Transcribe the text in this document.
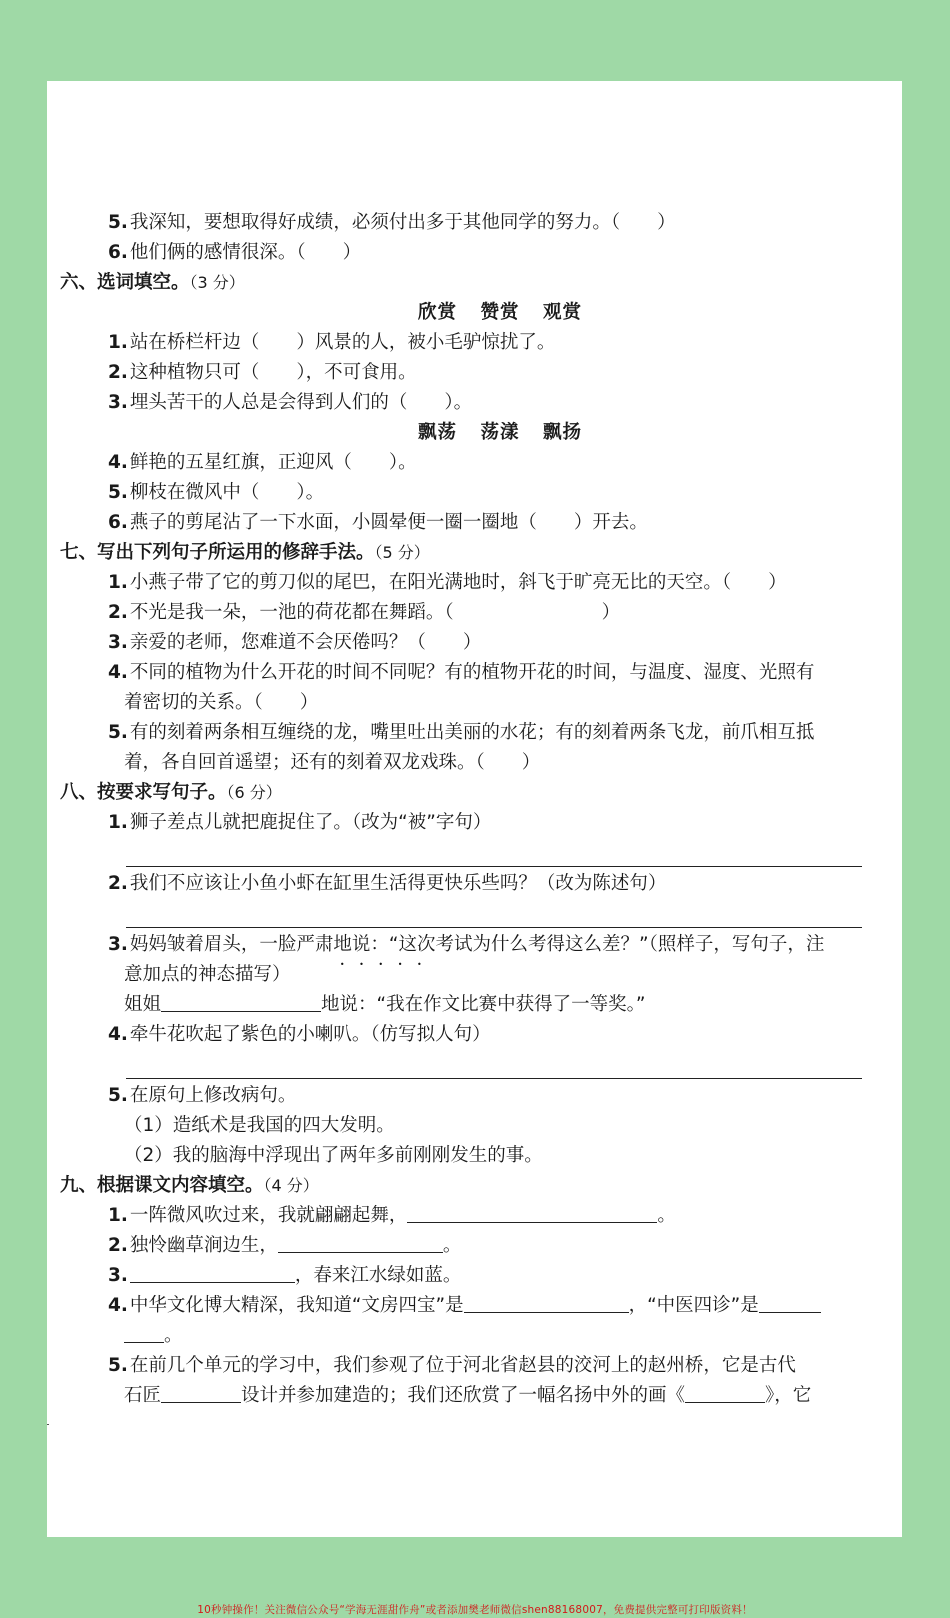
5. 我深知，要想取得好成绩，必须付出多于其他同学的努力。（　　）
6. 他们俩的感情很深。（　　）
六、选词填空。（3 分）
欣赏 赞赏 观赏
1. 站在桥栏杆边（　　）风景的人，被小毛驴惊扰了。
2. 这种植物只可（　　），不可食用。
3. 埋头苦干的人总是会得到人们的（　　）。
飘荡 荡漾 飘扬
4. 鲜艳的五星红旗，正迎风（　　）。
5. 柳枝在微风中（　　）。
6. 燕子的剪尾沾了一下水面，小圆晕便一圈一圈地（　　）开去。
七、写出下列句子所运用的修辞手法。（5 分）
1. 小燕子带了它的剪刀似的尾巴，在阳光满地时，斜飞于旷亮无比的天空。（　　）
2. 不光是我一朵，一池的荷花都在舞蹈。（　　　　　　　　）
3. 亲爱的老师，您难道不会厌倦吗？（　　）
4. 不同的植物为什么开花的时间不同呢？有的植物开花的时间，与温度、湿度、光照有
着密切的关系。（　　）
5. 有的刻着两条相互缠绕的龙，嘴里吐出美丽的水花；有的刻着两条飞龙，前爪相互抵
着，各自回首遥望；还有的刻着双龙戏珠。（　　）
八、按要求写句子。（6 分）
1. 狮子差点儿就把鹿捉住了。（改为“被”字句）
2. 我们不应该让小鱼小虾在缸里生活得更快乐些吗？（改为陈述句）
3. 妈妈皱着眉头，一脸严肃地说：“这次考试为什么考得这么差？”（照样子，写句子，注 • • •
意加点的神态描写）
姐姐	地说：“我在作文比赛中获得了一等奖。”
4. 牵牛花吹起了紫色的小喇叭。（仿写拟人句）
5. 在原句上修改病句。
（1）造纸术是我国的四大发明。
（2）我的脑海中浮现出了两年多前刚刚发生的事。
九、根据课文内容填空。（4 分）
1. 一阵微风吹过来，我就翩翩起舞，	。
2. 独怜幽草涧边生，	。
3.	，春来江水绿如蓝。
4. 中华文化博大精深，我知道“文房四宝”是	，“中医四诊”是
。
5. 在前几个单元的学习中，我们参观了位于河北省赵县的洨河上的赵州桥，它是古代
石匠	设计并参加建造的；我们还欣赏了一幅名扬中外的画《	》，它
10秒钟操作！关注微信公众号“学海无涯甜作舟”或者添加樊老师微信shen88168007，免费提供完整可打印版资料！
